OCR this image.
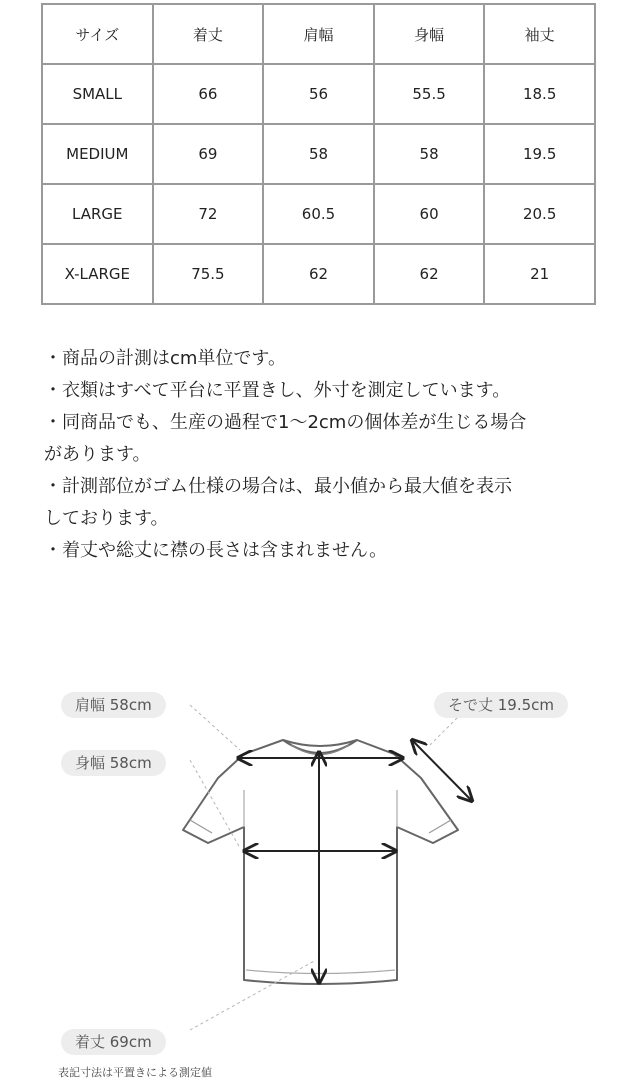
サイズ	着丈	肩幅	身幅	袖丈
SMALL	66	56	55.5	18.5
MEDIUM	69	58	58	19.5
LARGE	72	60.5	60	20.5
X-LARGE	75.5	62	62	21

・商品の計測はcm単位です。

・衣類はすべて平台に平置きし、外寸を測定しています。

・同商品でも、生産の過程で1〜2cmの個体差が生じる場合

があります。

・計測部位がゴム仕様の場合は、最小値から最大値を表示

しております。

・着丈や総丈に襟の長さは含まれません。

肩幅 58cm
身幅 58cm
そで丈 19.5cm
着丈 69cm
表記寸法は平置きによる測定値
